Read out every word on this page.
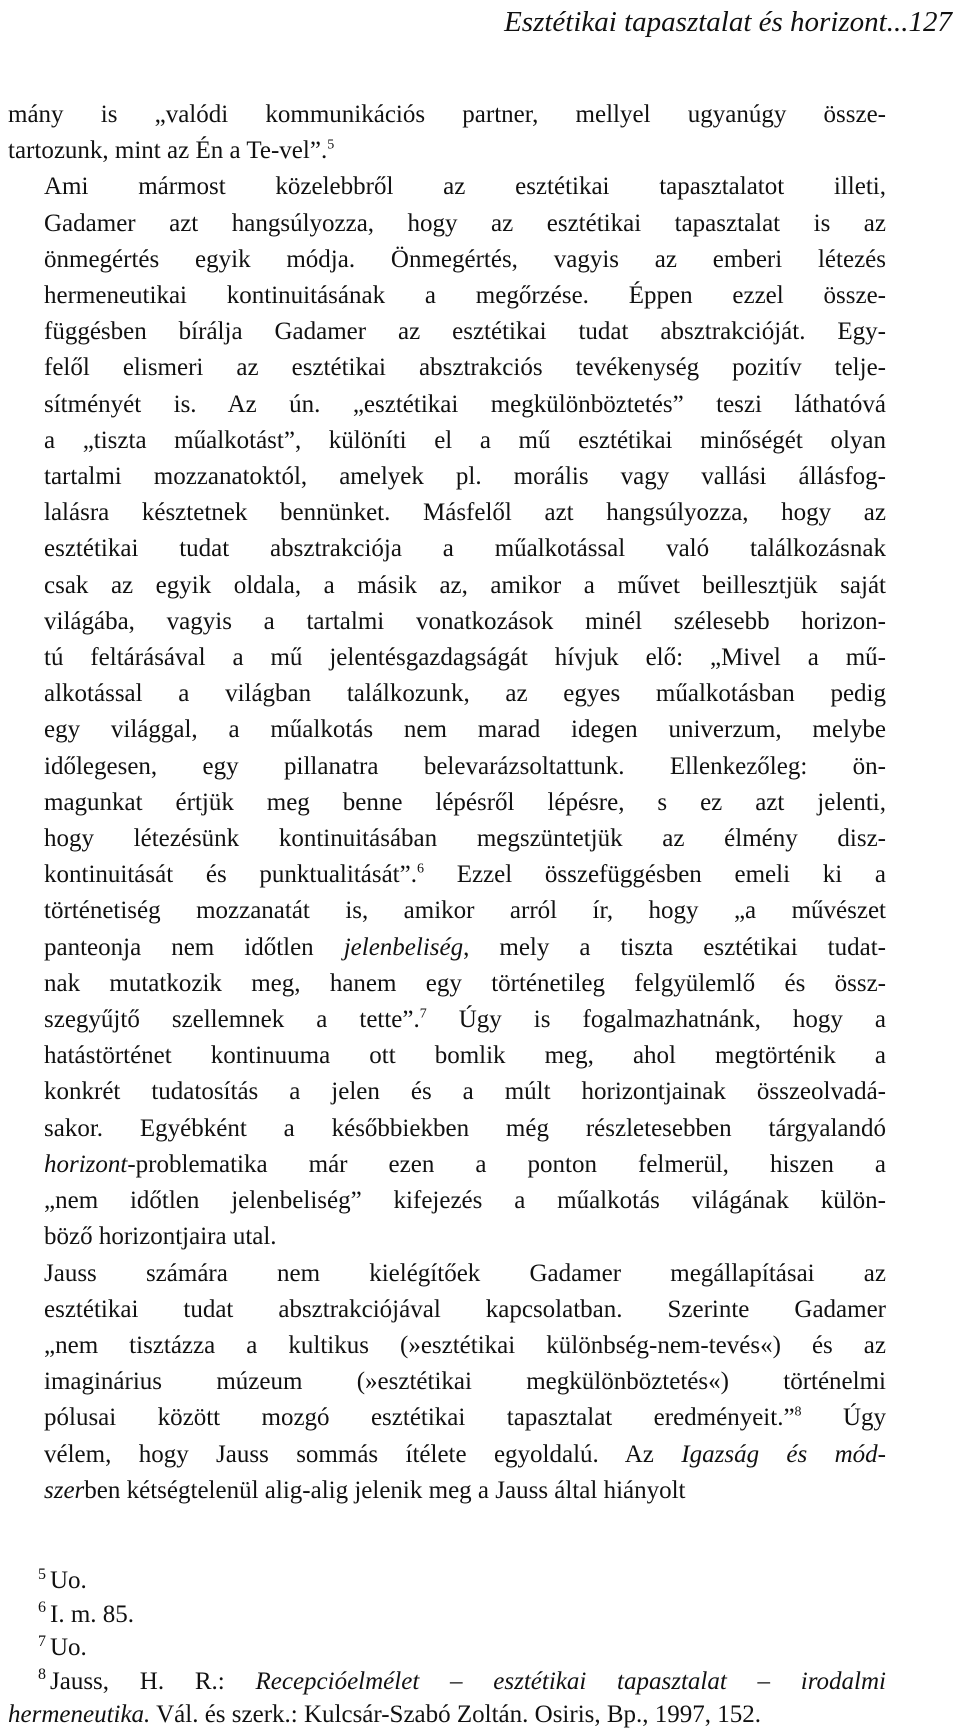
Esztétikai tapasztalat és horizont...127

mány is „valódi kommunikációs partner, mellyel ugyanúgy össze-
tartozunk, mint az Én a Te-vel”.$^5$

Ami mármost közelebbről az esztétikai tapasztalatot illeti,
Gadamer azt hangsúlyozza, hogy az esztétikai tapasztalat is az
önmegértés egyik módja. Önmegértés, vagyis az emberi létezés
hermeneutikai kontinuitásának a megőrzése. Éppen ezzel össze-
függésben bírálja Gadamer az esztétikai tudat absztrakcióját. Egy-
felől elismeri az esztétikai absztrakciós tevékenység pozitív telje-
sítményét is. Az ún. „esztétikai megkülönböztetés” teszi láthatóvá
a „tiszta műalkotást”, különíti el a mű esztétikai minőségét olyan
tartalmi mozzanatoktól, amelyek pl. morális vagy vallási állásfog-
lalásra késztetnek bennünket. Másfelől azt hangsúlyozza, hogy az
esztétikai tudat absztrakciója a műalkotással való találkozásnak
csak az egyik oldala, a másik az, amikor a művet beillesztjük saját
világába, vagyis a tartalmi vonatkozások minél szélesebb horizon-
tú feltárásával a mű jelentésgazdagságát hívjuk elő: „Mivel a mű-
alkotással a világban találkozunk, az egyes műalkotásban pedig
egy világgal, a műalkotás nem marad idegen univerzum, melybe
időlegesen, egy pillanatra belevarázsoltattunk. Ellenkezőleg: ön-
magunkat értjük meg benne lépésről lépésre, s ez azt jelenti,
hogy létezésünk kontinuitásában megszüntetjük az élmény disz-
kontinuitását és punktualitását”.$^6$ Ezzel összefüggésben emeli ki a
történetiség mozzanatát is, amikor arról ír, hogy „a művészet
panteonja nem időtlen jelenbeliség, mely a tiszta esztétikai tudat-
nak mutatkozik meg, hanem egy történetileg felgyülemlő és össz-
szegyűjtő szellemnek a tette”.$^7$ Úgy is fogalmazhatnánk, hogy a
hatástörténet kontinuuma ott bomlik meg, ahol megtörténik a
konkrét tudatosítás a jelen és a múlt horizontjainak összeolvadá-
sakor. Egyébként a későbbiekben még részletesebben tárgyalandó
horizont-problematika már ezen a ponton felmerül, hiszen a
„nem időtlen jelenbeliség” kifejezés a műalkotás világának külön-
böző horizontjaira utal.

Jauss számára nem kielégítőek Gadamer megállapításai az
esztétikai tudat absztrakciójával kapcsolatban. Szerinte Gadamer
„nem tisztázza a kultikus (»esztétikai különbség-nem-tevés«) és az
imaginárius múzeum (»esztétikai megkülönböztetés«) történelmi
pólusai között mozgó esztétikai tapasztalat eredményeit.”$^8$ Úgy
vélem, hogy Jauss sommás ítélete egyoldalú. Az Igazság és mód-
szerben kétségtelenül alig-alig jelenik meg a Jauss által hiányolt

$^5$ Uo.
$^6$ I. m. 85.
$^7$ Uo.
$^8$ Jauss, H. R.: Recepcióelmélet – esztétikai tapasztalat – irodalmi
hermeneutika. Vál. és szerk.: Kulcsár-Szabó Zoltán. Osiris, Bp., 1997, 152.
